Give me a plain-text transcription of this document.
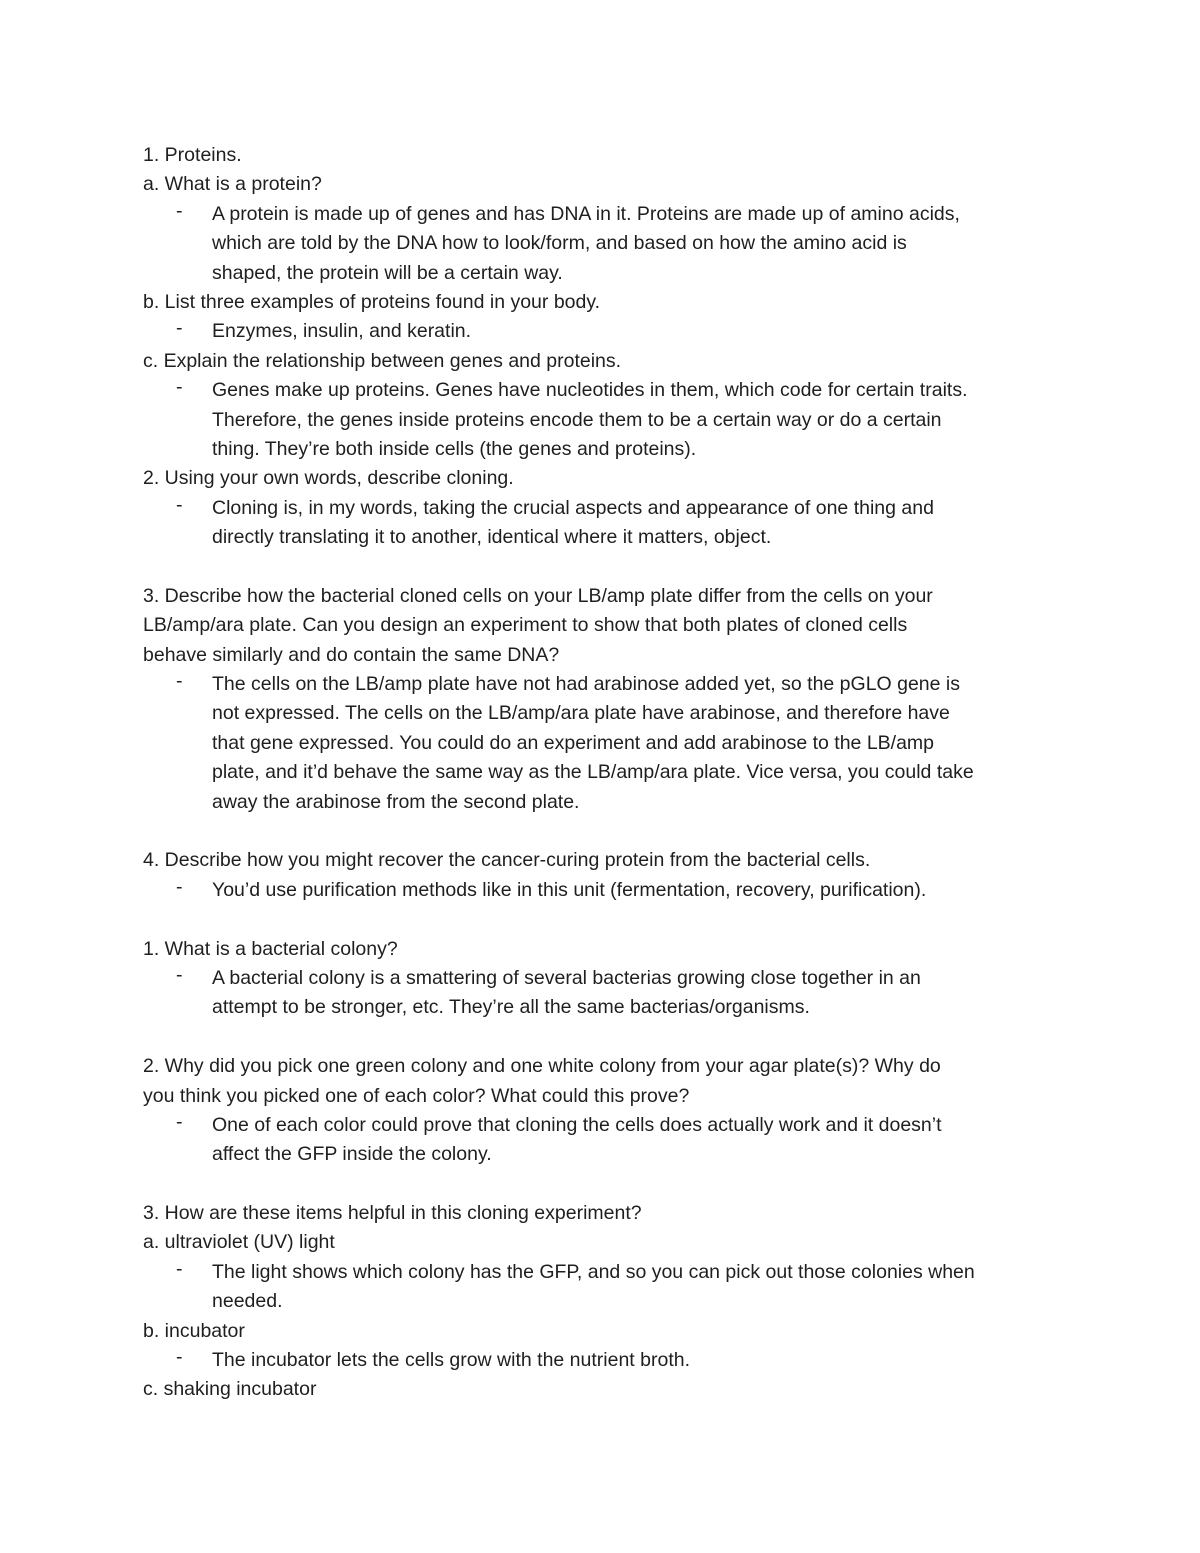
1. Proteins.
a. What is a protein?
-	A protein is made up of genes and has DNA in it. Proteins are made up of amino acids,
which are told by the DNA how to look/form, and based on how the amino acid is
shaped, the protein will be a certain way.
b. List three examples of proteins found in your body.
-	Enzymes, insulin, and keratin.
c. Explain the relationship between genes and proteins.
-	Genes make up proteins. Genes have nucleotides in them, which code for certain traits.
Therefore, the genes inside proteins encode them to be a certain way or do a certain
thing. They’re both inside cells (the genes and proteins).
2. Using your own words, describe cloning.
-	Cloning is, in my words, taking the crucial aspects and appearance of one thing and
directly translating it to another, identical where it matters, object.
3. Describe how the bacterial cloned cells on your LB/amp plate differ from the cells on your
LB/amp/ara plate. Can you design an experiment to show that both plates of cloned cells
behave similarly and do contain the same DNA?
-	The cells on the LB/amp plate have not had arabinose added yet, so the pGLO gene is
not expressed. The cells on the LB/amp/ara plate have arabinose, and therefore have
that gene expressed. You could do an experiment and add arabinose to the LB/amp
plate, and it’d behave the same way as the LB/amp/ara plate. Vice versa, you could take
away the arabinose from the second plate.
4. Describe how you might recover the cancer-curing protein from the bacterial cells.
-	You’d use purification methods like in this unit (fermentation, recovery, purification).
1. What is a bacterial colony?
-	A bacterial colony is a smattering of several bacterias growing close together in an
attempt to be stronger, etc. They’re all the same bacterias/organisms.
2. Why did you pick one green colony and one white colony from your agar plate(s)? Why do
you think you picked one of each color? What could this prove?
-	One of each color could prove that cloning the cells does actually work and it doesn’t
affect the GFP inside the colony.
3. How are these items helpful in this cloning experiment?
a. ultraviolet (UV) light
-	The light shows which colony has the GFP, and so you can pick out those colonies when
needed.
b. incubator
-	The incubator lets the cells grow with the nutrient broth.
c. shaking incubator
